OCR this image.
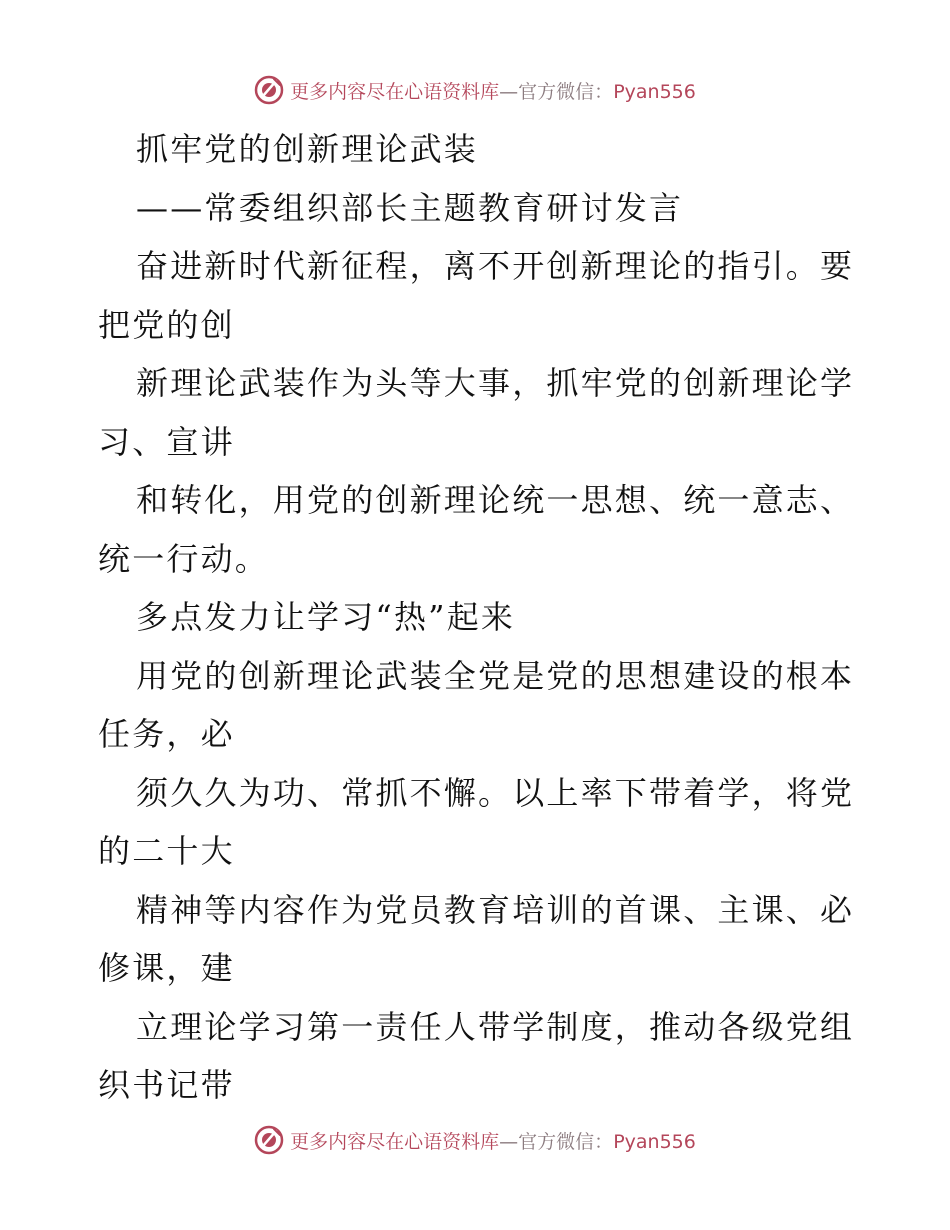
更多内容尽在心语资料库—官方微信：Pyan556
抓牢党的创新理论武装
——常委组织部长主题教育研讨发言
奋进新时代新征程，离不开创新理论的指引。要
把党的创
新理论武装作为头等大事，抓牢党的创新理论学
习、宣讲
和转化，用党的创新理论统一思想、统一意志、
统一行动。
多点发力让学习“热”起来
用党的创新理论武装全党是党的思想建设的根本
任务，必
须久久为功、常抓不懈。以上率下带着学，将党
的二十大
精神等内容作为党员教育培训的首课、主课、必
修课，建
立理论学习第一责任人带学制度，推动各级党组
织书记带
更多内容尽在心语资料库—官方微信：Pyan556
